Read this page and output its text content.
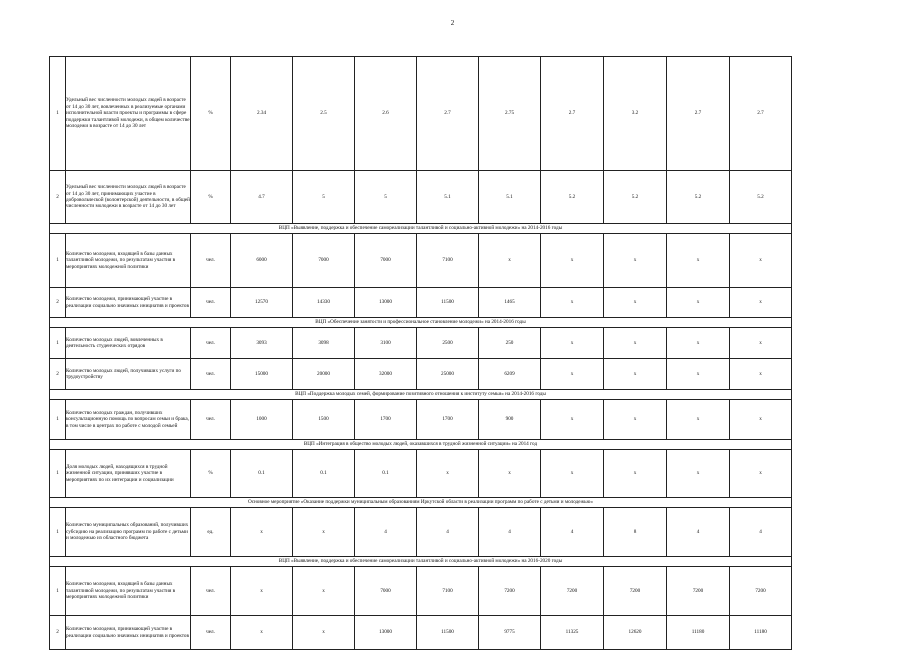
2
1	Удельный вес численности молодых людей в возрасте от 14 до 30 лет, вовлеченных в реализуемые органами исполнительной власти проекты и программы в сфере поддержки талантливой молодежи, в общем количестве молодежи в возрасте от 14 до 30 лет	%	2.34	2.5	2.6	2.7	2.75	2.7	3.2	2.7	2.7
2	Удельный вес численности молодых людей в возрасте от 14 до 30 лет, принимающих участие в добровольческой (волонтерской) деятельности, в общей численности молодежи в возрасте от 14 до 30 лет	%	4.7	5	5	5.1	5.1	5.2	5.2	5.2	5.2
ВЦП «Выявление, поддержка и обеспечение самореализации талантливой и социально-активной молодежи» на 2014-2016 годы											
1	Количество молодежи, входящей в базы данных талантливой молодежи, по результатам участия в мероприятиях молодежной политики	чел.	6000	7000	7000	7100	x	x	x	x	x
2	Количество молодежи, принимающей участие в реализации социально значимых инициатив и проектов	чел.	12570	14330	13000	11500	1465	x	x	x	x
ВЦП «Обеспечение занятости и профессиональное становление молодежи» на 2014-2016 годы											
1	Количество молодых людей, вовлеченных в деятельность студенческих отрядов	чел.	3093	3098	3100	2500	250	x	x	x	x
2	Количество молодых людей, получивших услуги по трудоустройству	чел.	15000	20000	32000	25000	6209	x	x	x	x
ВЦП «Поддержка молодых семей, формирование позитивного отношения к институту семьи» на 2014-2016 годы											
1	Количество молодых граждан, получивших консультационную помощь по вопросам семьи и брака, в том числе в центрах по работе с молодой семьей	чел.	1000	1500	1700	1700	900	x	x	x	x
ВЦП «Интеграция в общество молодых людей, оказавшихся в трудной жизненной ситуации» на 2014 год											
1	Доля молодых людей, находящихся в трудной жизненной ситуации, принявших участие в мероприятиях по их интеграции и социализации	%	0.1	0.1	0.1	x	x	x	x	x	x
Основное мероприятие «Оказание поддержки муниципальным образованиям Иркутской области в реализации программ по работе с детьми и молодежью»											
1	Количество муниципальных образований, получивших субсидию на реализацию программ по работе с детьми и молодежью из областного бюджета	ед.	x	x	4	4	4	4	8	4	4
ВЦП «Выявление, поддержка и обеспечение самореализации талантливой и социально-активной молодежи» на 2016-2020 годы											
1	Количество молодежи, входящей в базы данных талантливой молодежи, по результатам участия в мероприятиях молодежной политики	чел.	x	x	7000	7100	7200	7200	7200	7200	7200
2	Количество молодежи, принимающей участие в реализации социально значимых инициатив и проектов	чел.	x	x	13000	11500	9775	11325	12620	11180	11180
